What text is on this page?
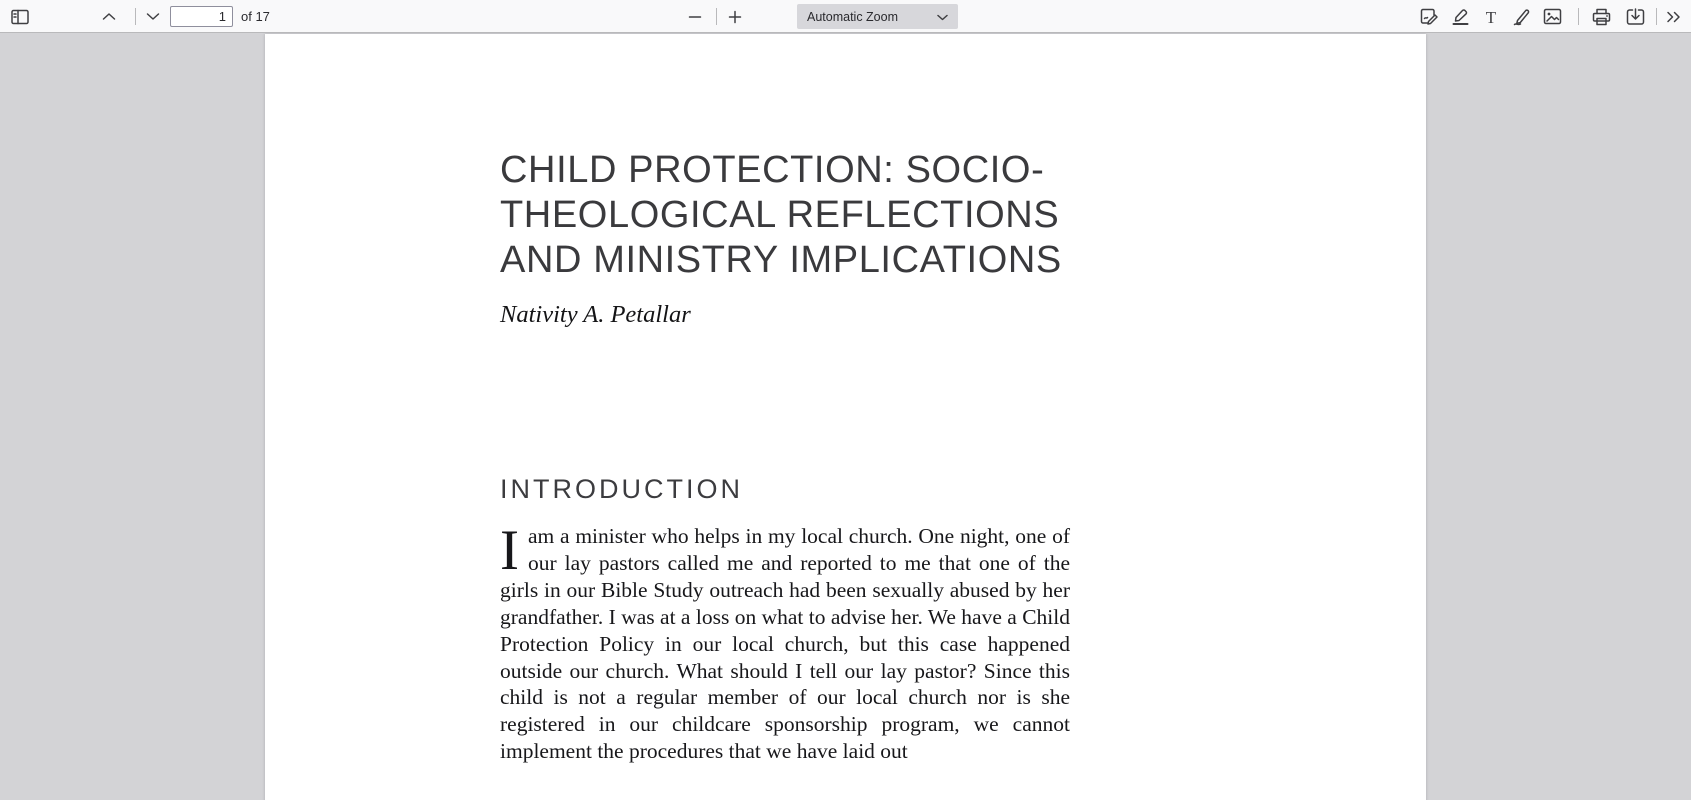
1
of 17	Automatic Zoom	T
CHILD PROTECTION: SOCIO-
THEOLOGICAL REFLECTIONS
AND MINISTRY IMPLICATIONS
Nativity A. Petallar
INTRODUCTION
Iam a minister who helps in my local church. One night, one of our lay pastors called me and reported to me that one of the girls in our Bible Study outreach had been sexually abused by her grandfather. I was at a loss on what to advise her. We have a Child Protection Policy in our local church, but this case happened outside our church. What should I tell our lay pastor? Since this child is not a regular member of our local church nor is she registered in our childcare sponsorship program, we cannot implement the procedures that we have laid out
